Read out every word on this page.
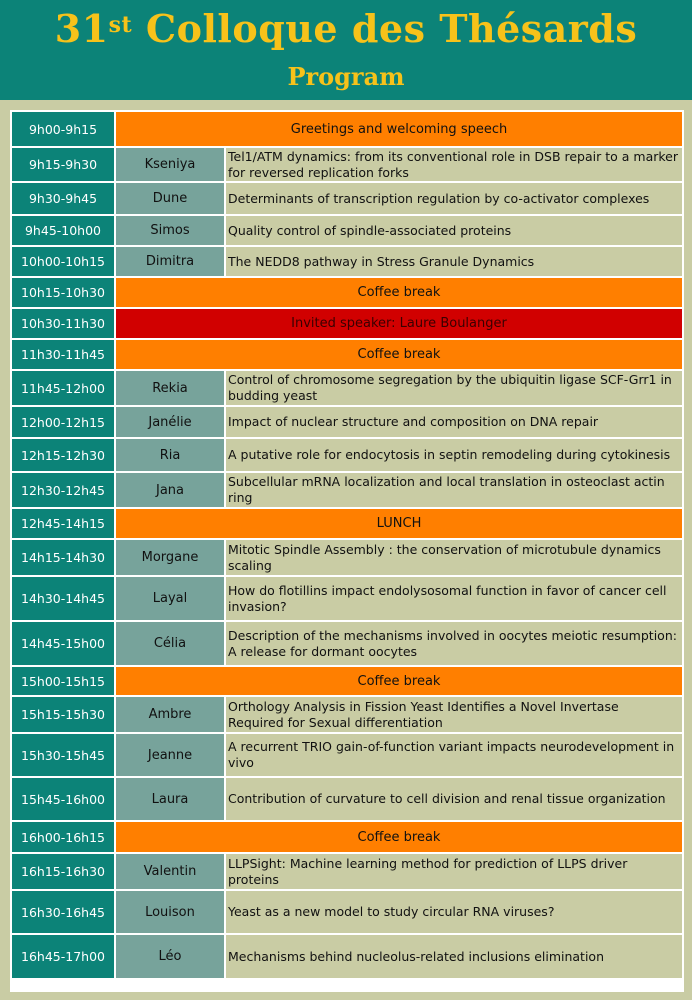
31st Colloque des Thésards
Program
9h00-9h15	Greetings and welcoming speech	
9h15-9h30	Kseniya	Tel1/ATM dynamics: from its conventional role in DSB repair to a marker for reversed replication forks
9h30-9h45	Dune	Determinants of transcription regulation by co-activator complexes
9h45-10h00	Simos	Quality control of spindle-associated proteins
10h00-10h15	Dimitra	The NEDD8 pathway in Stress Granule Dynamics
10h15-10h30	Coffee break	
10h30-11h30	Invited speaker: Laure Boulanger	
11h30-11h45	Coffee break	
11h45-12h00	Rekia	Control of chromosome segregation by the ubiquitin ligase SCF-Grr1 in budding yeast
12h00-12h15	Janélie	Impact of nuclear structure and composition on DNA repair
12h15-12h30	Ria	A putative role for endocytosis in septin remodeling during cytokinesis
12h30-12h45	Jana	Subcellular mRNA localization and local translation in osteoclast actin ring
12h45-14h15	LUNCH	
14h15-14h30	Morgane	Mitotic Spindle Assembly : the conservation of microtubule dynamics scaling
14h30-14h45	Layal	How do flotillins impact endolysosomal function in favor of cancer cell invasion?
14h45-15h00	Célia	Description of the mechanisms involved in oocytes meiotic resumption: A release for dormant oocytes
15h00-15h15	Coffee break	
15h15-15h30	Ambre	Orthology Analysis in Fission Yeast Identifies a Novel Invertase Required for Sexual differentiation
15h30-15h45	Jeanne	A recurrent TRIO gain-of-function variant impacts neurodevelopment in vivo
15h45-16h00	Laura	Contribution of curvature to cell division and renal tissue organization
16h00-16h15	Coffee break	
16h15-16h30	Valentin	LLPSight: Machine learning method for prediction of LLPS driver proteins
16h30-16h45	Louison	Yeast as a new model to study circular RNA viruses?
16h45-17h00	Léo	Mechanisms behind nucleolus-related inclusions elimination
